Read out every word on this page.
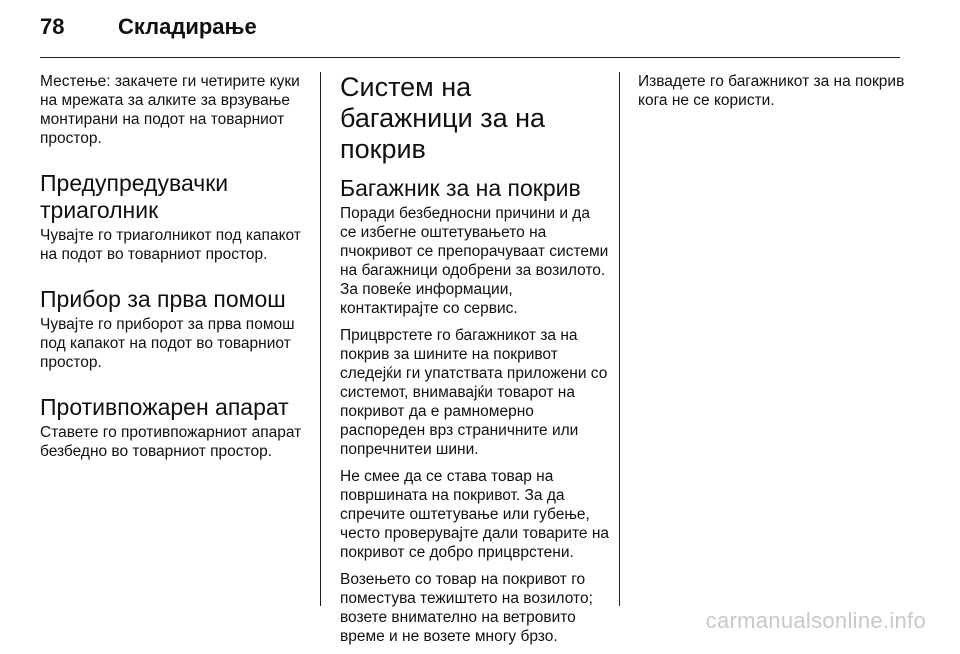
78	Складирање

Местење: закачете ги четирите куки на мрежата за алките за врзување монтирани на подот на товарниот простор.

Предупредувачки триаголник

Чувајте го триаголникот под капакот на подот во товарниот простор.

Прибор за прва помош

Чувајте го приборот за прва помош под капакот на подот во товарниот простор.

Противпожарен апарат

Ставете го противпожарниот апарат безбедно во товарниот простор.

Систем на багажници за на покрив
Багажник за на покрив

Поради безбедносни причини и да се избегне оштетувањето на пчокривот се препорачуваат системи на багажници одобрени за возилото. За повеќе информации, контактирајте со сервис.

Прицврстете го багажникот за на покрив за шините на покривот следејќи ги упатствата приложени со системот, внимавајќи товарот на покривот да е рамномерно распореден врз страничните или попречнитеи шини.

Не смее да се става товар на површината на покривот. За да спречите оштетување или губење, често проверувајте дали товарите на покривот се добро прицврстени.

Возењето со товар на покривот го поместува тежиштето на возилото; возете внимателно на ветровито време и не возете многу брзо.

Извадете го багажникот за на покрив кога не се користи.

carmanualsonline.info
